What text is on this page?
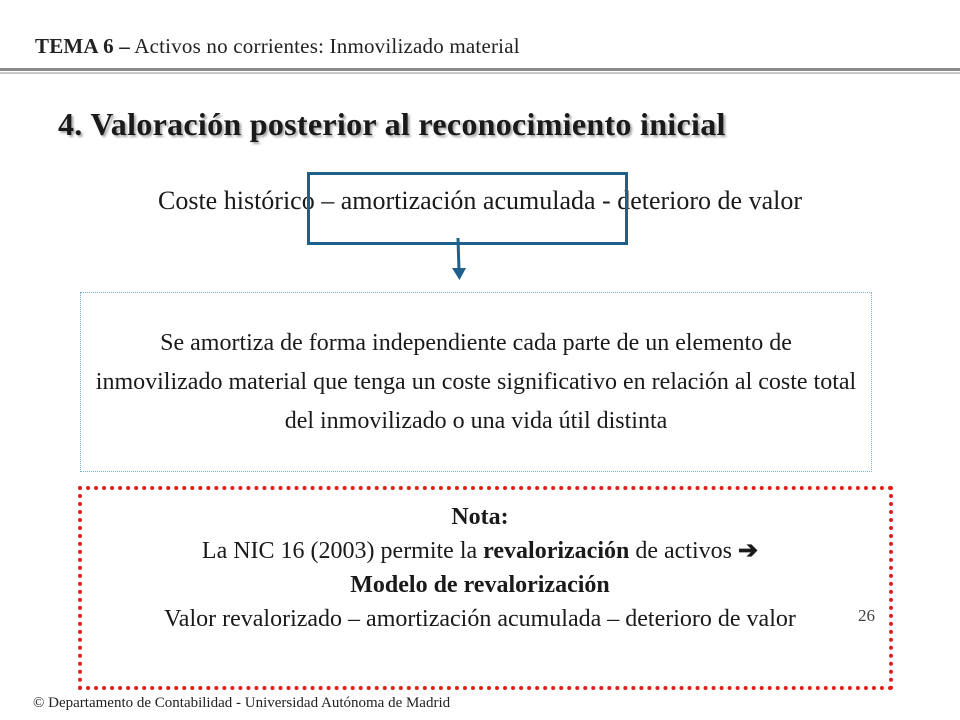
TEMA 6 – Activos no corrientes: Inmovilizado material
4. Valoración posterior al reconocimiento inicial
Coste histórico – amortización acumulada - deterioro de valor
Se amortiza de forma independiente cada parte de un elemento de inmovilizado material que tenga un coste significativo en relación al coste total del inmovilizado o una vida útil distinta
Nota:
La NIC 16 (2003) permite la revalorización de activos ➔
Modelo de revalorización
Valor revalorizado – amortización acumulada – deterioro de valor	26
© Departamento de Contabilidad - Universidad Autónoma de Madrid
